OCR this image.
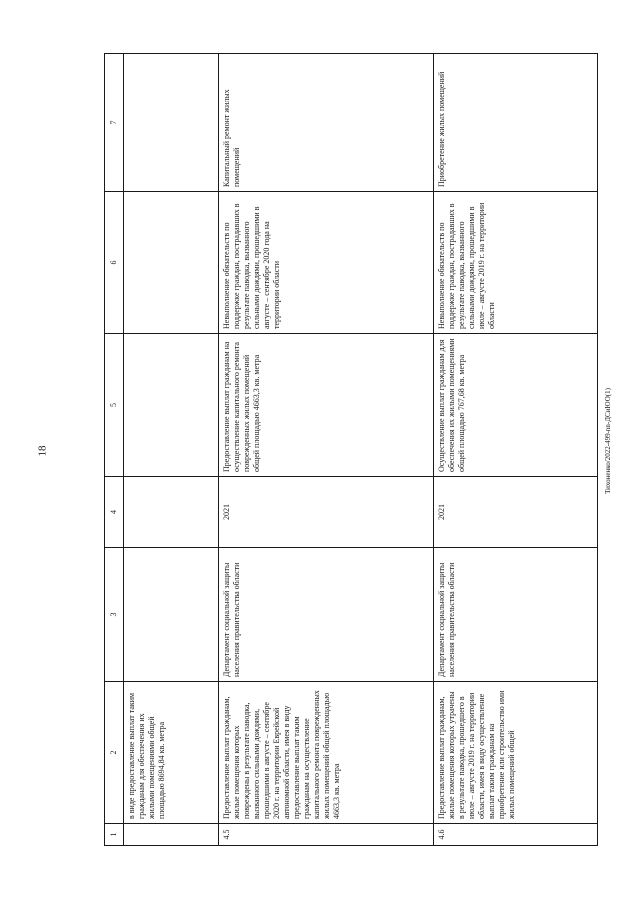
18
1	2	3	4	5	6	7
	в виде предоставление выплат таким гражданам для обеспечения их жилыми помещениями общей площадью 8694,84 кв. метра					
4.5	Предоставление выплат гражданам, жилые помещения которых повреждены в результате паводка, вызванного сильными дождями, прошедшими в августе – сентябре 2020 г. на территории Еврейской автономной области, имея в виду предоставление выплат таким гражданам на осуществление капитального ремонта поврежденных жилых помещений общей площадью 4663,3 кв. метра	Департамент социальной защиты населения правительства области	2021	Предоставление выплат гражданам на осуществление капитального ремонта поврежденных жилых помещений общей площадью 4663,3 кв. метра	Невыполнение обязательств по поддержке граждан, пострадавших в результате паводка, вызванного сильными дождями, прошедшими в августе – сентябре 2020 года на территории области	Капитальный ремонт жилых помещений
4.6	Предоставление выплат гражданам, жилые помещения которых утрачены в результате паводка, прошедшего в июле – августе 2019 г. на территории области, имея в виду осуществление выплат таким гражданам на приобретение или строительство ими жилых помещений общей	Департамент социальной защиты населения правительства области	2021	Осуществление выплат гражданам для обеспечения их жилыми помещениями общей площадью 767,68 кв. метра	Невыполнение обязательств по поддержке граждан, пострадавших в результате паводка, вызванного сильными дождями, прошедшими в июле – августе 2019 г. на территории области	Приобретение жилых помещений
Тихоненко/2022-499-nn-ДСиЮО(1)
